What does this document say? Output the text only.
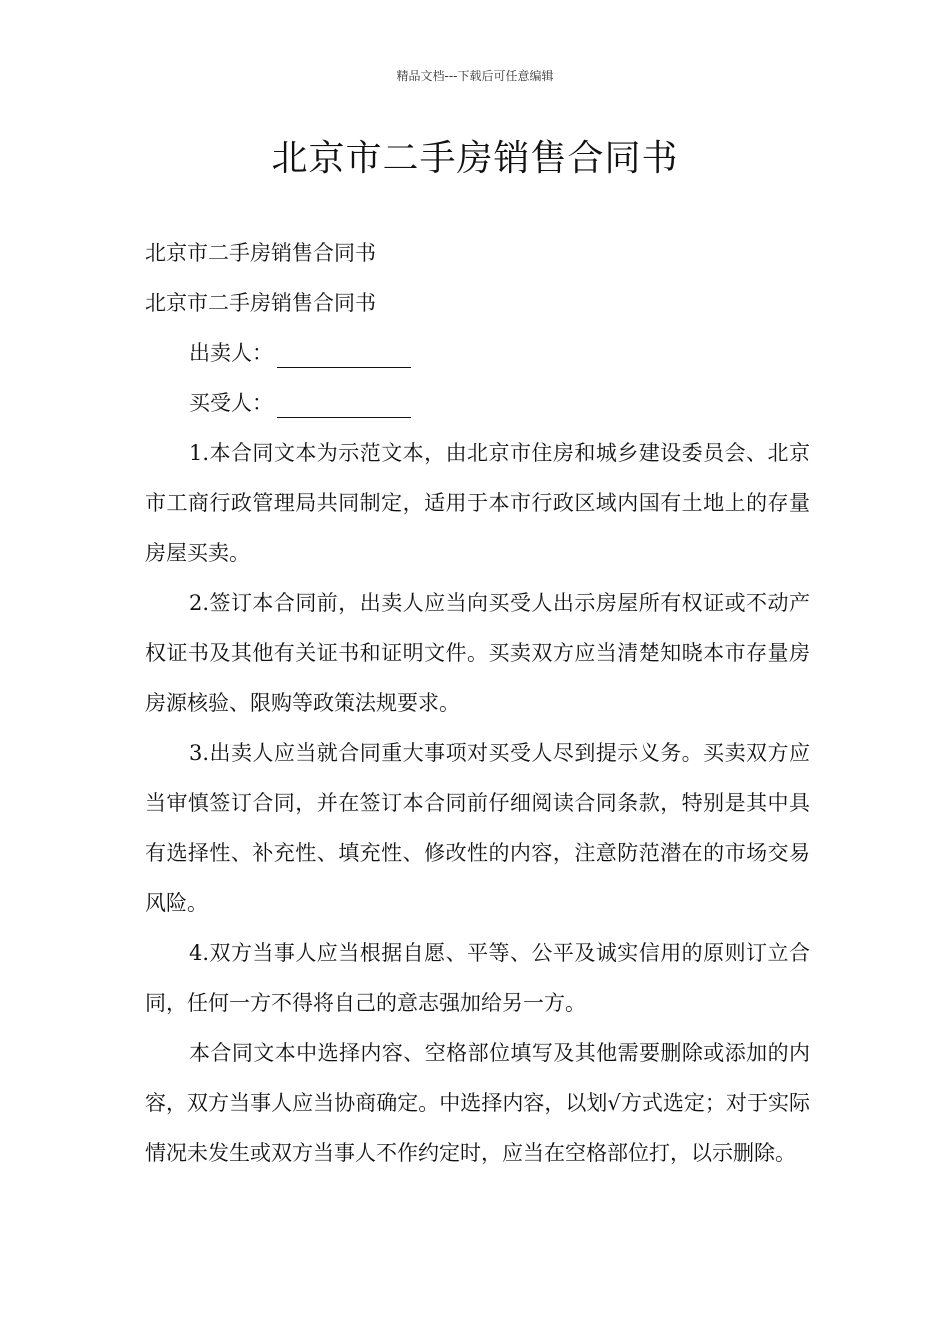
精品文档---下载后可任意编辑
北京市二手房销售合同书

北京市二手房销售合同书

北京市二手房销售合同书

出卖人：

买受人：

1.本合同文本为示范文本，由北京市住房和城乡建设委员会、北京市工商行政管理局共同制定，适用于本市行政区域内国有土地上的存量房屋买卖。

2.签订本合同前，出卖人应当向买受人出示房屋所有权证或不动产权证书及其他有关证书和证明文件。买卖双方应当清楚知晓本市存量房房源核验、限购等政策法规要求。

3.出卖人应当就合同重大事项对买受人尽到提示义务。买卖双方应当审慎签订合同，并在签订本合同前仔细阅读合同条款，特别是其中具有选择性、补充性、填充性、修改性的内容，注意防范潜在的市场交易风险。

4.双方当事人应当根据自愿、平等、公平及诚实信用的原则订立合同，任何一方不得将自己的意志强加给另一方。

本合同文本中选择内容、空格部位填写及其他需要删除或添加的内容，双方当事人应当协商确定。中选择内容，以划√方式选定；对于实际情况未发生或双方当事人不作约定时，应当在空格部位打，以示删除。
